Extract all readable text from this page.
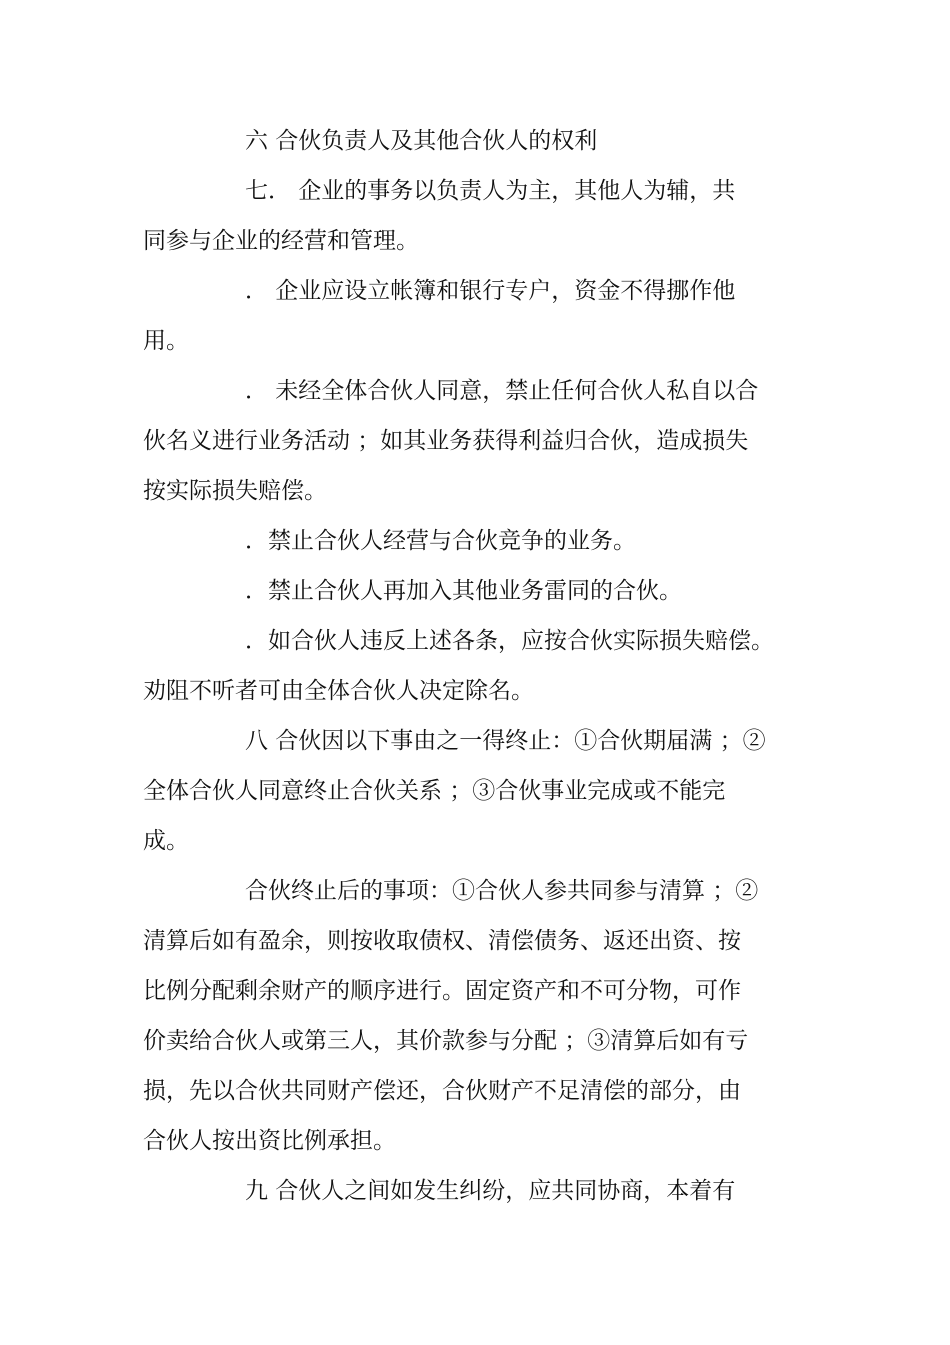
六 合伙负责人及其他合伙人的权利
七． 企业的事务以负责人为主，其他人为辅，共
同参与企业的经营和管理。
． 企业应设立帐簿和银行专户，资金不得挪作他
用。
． 未经全体合伙人同意，禁止任何合伙人私自以合
伙名义进行业务活动 ；如其业务获得利益归合伙，造成损失
按实际损失赔偿。
．禁止合伙人经营与合伙竞争的业务。
．禁止合伙人再加入其他业务雷同的合伙。
．如合伙人违反上述各条，应按合伙实际损失赔偿。
劝阻不听者可由全体合伙人决定除名。
八 合伙因以下事由之一得终止：①合伙期届满 ；②
全体合伙人同意终止合伙关系 ；③合伙事业完成或不能完
成。
合伙终止后的事项：①合伙人参共同参与清算 ；②
清算后如有盈余，则按收取债权、清偿债务、返还出资、按
比例分配剩余财产的顺序进行。固定资产和不可分物，可作
价卖给合伙人或第三人，其价款参与分配 ；③清算后如有亏
损，先以合伙共同财产偿还，合伙财产不足清偿的部分，由
合伙人按出资比例承担。
九 合伙人之间如发生纠纷，应共同协商，本着有
